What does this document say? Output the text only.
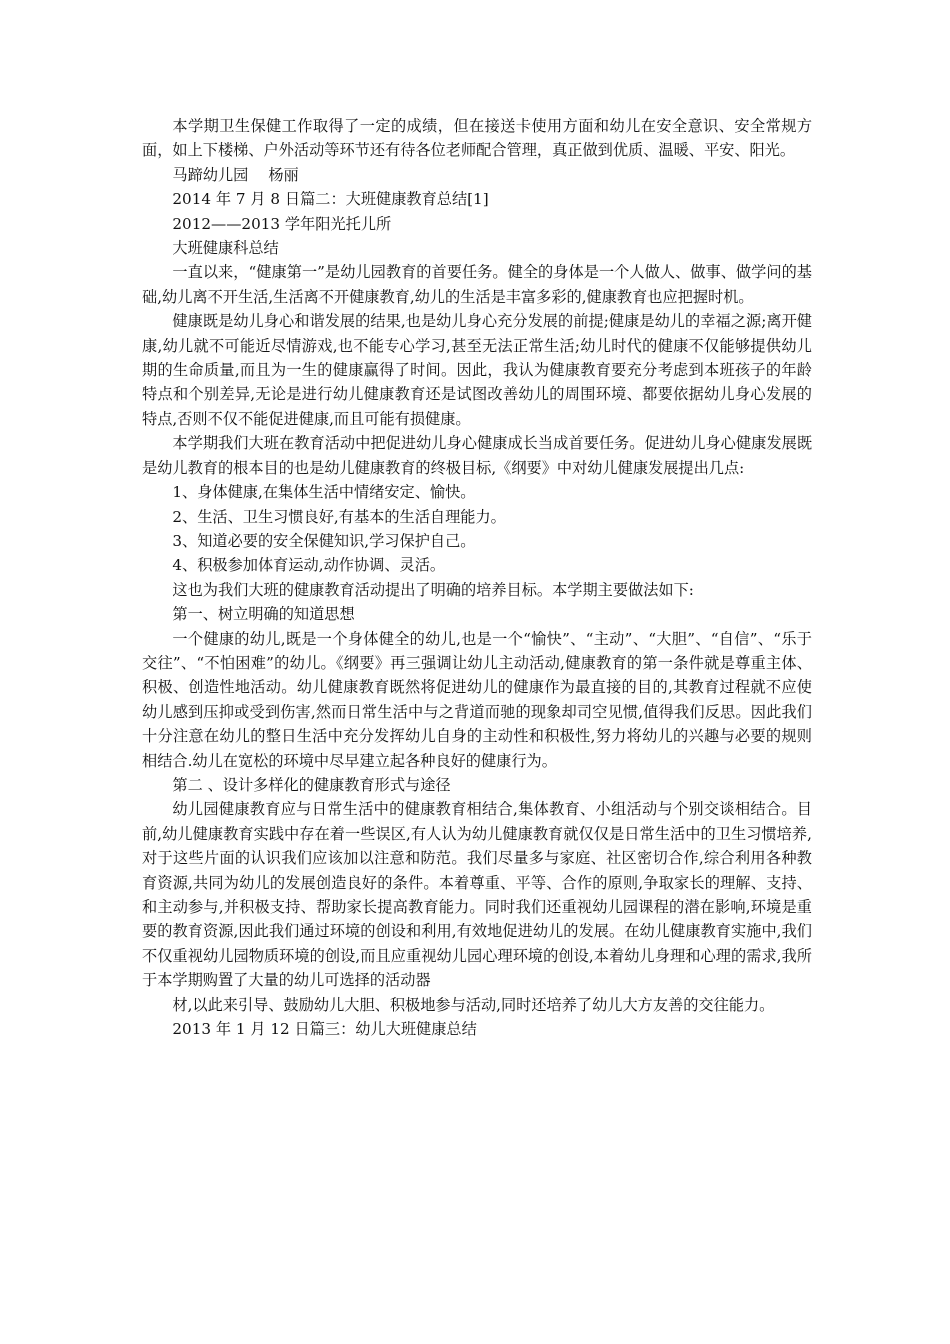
本学期卫生保健工作取得了一定的成绩，但在接送卡使用方面和幼儿在安全意识、安全常规方面，如上下楼梯、户外活动等环节还有待各位老师配合管理，真正做到优质、温暖、平安、阳光。

马蹄幼儿园　 杨丽

2014 年 7 月 8 日篇二：大班健康教育总结[1]

2012——2013 学年阳光托儿所

大班健康科总结

一直以来，“健康第一”是幼儿园教育的首要任务。健全的身体是一个人做人、做事、做学问的基础,幼儿离不开生活,生活离不开健康教育,幼儿的生活是丰富多彩的,健康教育也应把握时机。

健康既是幼儿身心和谐发展的结果,也是幼儿身心充分发展的前提;健康是幼儿的幸福之源;离开健康,幼儿就不可能近尽情游戏,也不能专心学习,甚至无法正常生活;幼儿时代的健康不仅能够提供幼儿期的生命质量,而且为一生的健康赢得了时间。因此，我认为健康教育要充分考虑到本班孩子的年龄特点和个别差异,无论是进行幼儿健康教育还是试图改善幼儿的周围环境、都要依据幼儿身心发展的特点,否则不仅不能促进健康,而且可能有损健康。

本学期我们大班在教育活动中把促进幼儿身心健康成长当成首要任务。促进幼儿身心健康发展既是幼儿教育的根本目的也是幼儿健康教育的终极目标,《纲要》中对幼儿健康发展提出几点:

1、身体健康,在集体生活中情绪安定、愉快。

2、生活、卫生习惯良好,有基本的生活自理能力。

3、知道必要的安全保健知识,学习保护自己。

4、积极参加体育运动,动作协调、灵活。

这也为我们大班的健康教育活动提出了明确的培养目标。本学期主要做法如下:

第一、树立明确的知道思想

一个健康的幼儿,既是一个身体健全的幼儿,也是一个“愉快”、“主动”、“大胆”、“自信”、“乐于交往”、“不怕困难”的幼儿。《纲要》再三强调让幼儿主动活动,健康教育的第一条件就是尊重主体、积极、创造性地活动。幼儿健康教育既然将促进幼儿的健康作为最直接的目的,其教育过程就不应使幼儿感到压抑或受到伤害,然而日常生活中与之背道而驰的现象却司空见惯,值得我们反思。因此我们十分注意在幼儿的整日生活中充分发挥幼儿自身的主动性和积极性,努力将幼儿的兴趣与必要的规则相结合.幼儿在宽松的环境中尽早建立起各种良好的健康行为。

第二 、设计多样化的健康教育形式与途径

幼儿园健康教育应与日常生活中的健康教育相结合,集体教育、小组活动与个别交谈相结合。目前,幼儿健康教育实践中存在着一些误区,有人认为幼儿健康教育就仅仅是日常生活中的卫生习惯培养,对于这些片面的认识我们应该加以注意和防范。我们尽量多与家庭、社区密切合作,综合利用各种教育资源,共同为幼儿的发展创造良好的条件。本着尊重、平等、合作的原则,争取家长的理解、支持、和主动参与,并积极支持、帮助家长提高教育能力。同时我们还重视幼儿园课程的潜在影响,环境是重要的教育资源,因此我们通过环境的创设和利用,有效地促进幼儿的发展。在幼儿健康教育实施中,我们不仅重视幼儿园物质环境的创设,而且应重视幼儿园心理环境的创设,本着幼儿身理和心理的需求,我所于本学期购置了大量的幼儿可选择的活动器

材,以此来引导、鼓励幼儿大胆、积极地参与活动,同时还培养了幼儿大方友善的交往能力。

2013 年 1 月 12 日篇三：幼儿大班健康总结
